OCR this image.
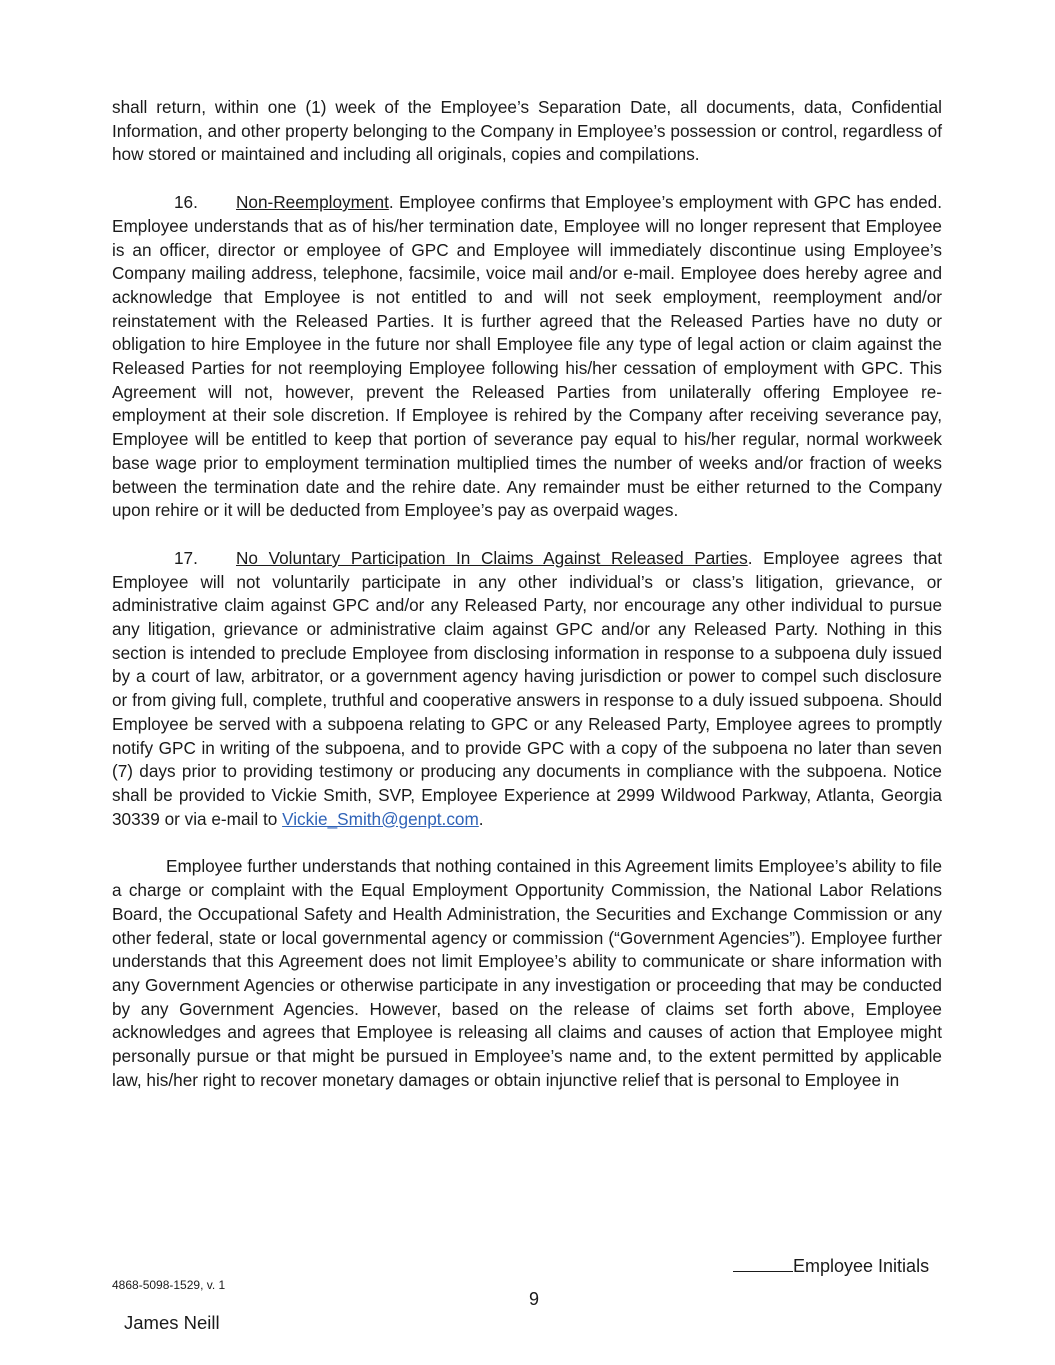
shall return, within one (1) week of the Employee’s Separation Date, all documents, data, Confidential Information, and other property belonging to the Company in Employee’s possession or control, regardless of how stored or maintained and including all originals, copies and compilations.

16. Non-Reemployment. Employee confirms that Employee’s employment with GPC has ended. Employee understands that as of his/her termination date, Employee will no longer represent that Employee is an officer, director or employee of GPC and Employee will immediately discontinue using Employee’s Company mailing address, telephone, facsimile, voice mail and/or e-mail. Employee does hereby agree and acknowledge that Employee is not entitled to and will not seek employment, reemployment and/or reinstatement with the Released Parties. It is further agreed that the Released Parties have no duty or obligation to hire Employee in the future nor shall Employee file any type of legal action or claim against the Released Parties for not reemploying Employee following his/her cessation of employment with GPC. This Agreement will not, however, prevent the Released Parties from unilaterally offering Employee re-employment at their sole discretion. If Employee is rehired by the Company after receiving severance pay, Employee will be entitled to keep that portion of severance pay equal to his/her regular, normal workweek base wage prior to employment termination multiplied times the number of weeks and/or fraction of weeks between the termination date and the rehire date. Any remainder must be either returned to the Company upon rehire or it will be deducted from Employee’s pay as overpaid wages.

17. No Voluntary Participation In Claims Against Released Parties. Employee agrees that Employee will not voluntarily participate in any other individual’s or class’s litigation, grievance, or administrative claim against GPC and/or any Released Party, nor encourage any other individual to pursue any litigation, grievance or administrative claim against GPC and/or any Released Party. Nothing in this section is intended to preclude Employee from disclosing information in response to a subpoena duly issued by a court of law, arbitrator, or a government agency having jurisdiction or power to compel such disclosure or from giving full, complete, truthful and cooperative answers in response to a duly issued subpoena. Should Employee be served with a subpoena relating to GPC or any Released Party, Employee agrees to promptly notify GPC in writing of the subpoena, and to provide GPC with a copy of the subpoena no later than seven (7) days prior to providing testimony or producing any documents in compliance with the subpoena. Notice shall be provided to Vickie Smith, SVP, Employee Experience at 2999 Wildwood Parkway, Atlanta, Georgia 30339 or via e-mail to Vickie_Smith@genpt.com.

Employee further understands that nothing contained in this Agreement limits Employee’s ability to file a charge or complaint with the Equal Employment Opportunity Commission, the National Labor Relations Board, the Occupational Safety and Health Administration, the Securities and Exchange Commission or any other federal, state or local governmental agency or commission (“Government Agencies”). Employee further understands that this Agreement does not limit Employee’s ability to communicate or share information with any Government Agencies or otherwise participate in any investigation or proceeding that may be conducted by any Government Agencies. However, based on the release of claims set forth above, Employee acknowledges and agrees that Employee is releasing all claims and causes of action that Employee might personally pursue or that might be pursued in Employee’s name and, to the extent permitted by applicable law, his/her right to recover monetary damages or obtain injunctive relief that is personal to Employee in

Employee Initials
4868-5098-1529, v. 1
9
James Neill
